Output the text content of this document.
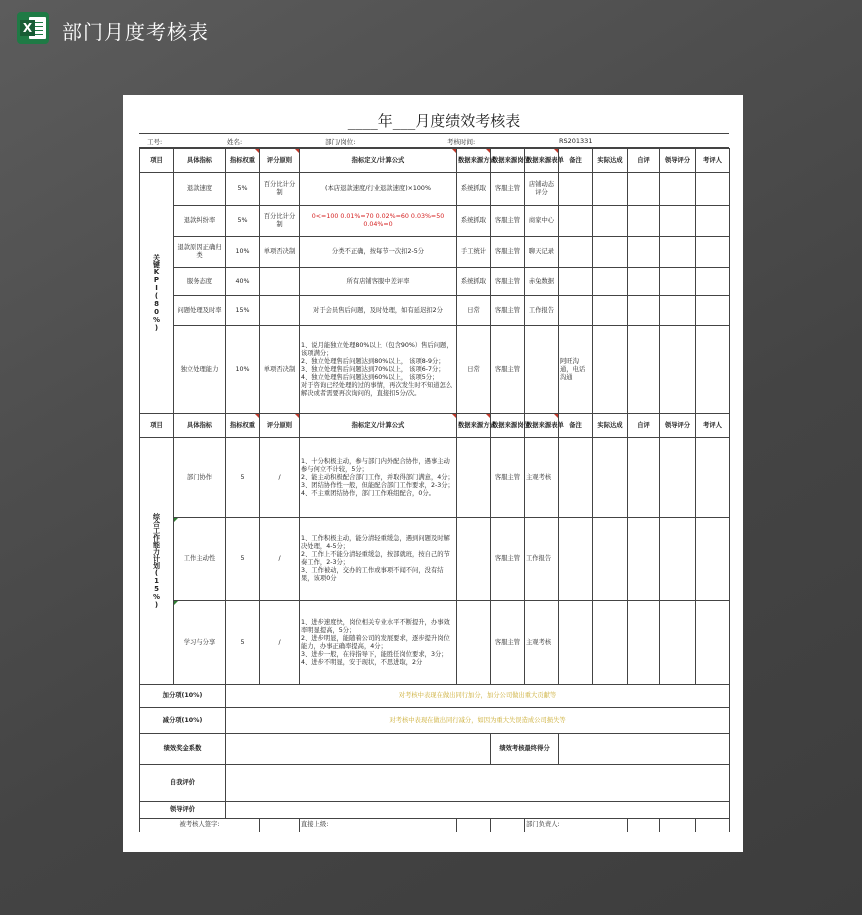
X 部门月度考核表
____年___月度绩效考核表
工号:	姓名:	部门/岗位:	考核时间:	RS201331
项目	具体指标	指标权重	评分原则	指标定义/计算公式	数据来源方式	数据来源岗位	数据来源表单	备注	实际达成	自评	领导评分	考评人

关键KPI(80%)	退款速度	5%	百分比计分制	(本店退款速度/行业退款速度)×100%	系统抓取	客服主管	店铺动态评分					
	退款纠纷率	5%	百分比计分制	0<=100 0.01%=70 0.02%=60 0.03%=50 0.04%=0	系统抓取	客服主管	商家中心					
	退款原因正确归类	10%	单项否决制	分类不正确，按每节一次扣2-5分	手工统计	客服主管	聊天记录					
	服务态度	40%		所有店铺客服中差评率	系统抓取	客服主管	赤兔数据					
	问题处理及时率	15%		对于会员售后问题，及时处理，如有延迟扣2分	日常	客服主管	工作报告					
	独立处理能力	10%	单项否决制	1、说月能独立处理80%以上（包含90%）售后问题，该项满分；
2、独立处理售后问题达到80%以上， 该项8-9分；
3、独立处理售后问题达到70%以上， 该项6-7分；
4、独立处理售后问题达到60%以上， 该项5分；
对于咨询已经处理的过的事情，再次发生时不知道怎么解决或者需要再次询问的，直接扣5分/次。	日常	客服主管		阿旺沟通，电话沟通				
项目	具体指标	指标权重	评分原则	指标定义/计算公式	数据来源方式	数据来源岗位	数据来源表单	备注	实际达成	自评	领导评分	考评人

综合工作能力计划(15%)	部门协作	5	/	1、十分积极主动，参与部门内外配合协作，遇事主动参与何立不计较，5分；
2、能主动积极配合部门工作，并取得部门满意，4分；
3、团结协作性一般，但能配合部门工作要求，2-3分；
4、不主重团结协作，部门工作难组配合，0分。		客服主管	主观考核					
	工作主动性	5	/	1、工作积极主动，能分清轻重缓急，遇到问题及时解决处理，4-5分；
2、工作上不能分清轻重缓急，按部就班，按自己的节奏工作，2-3分；
3、工作被动，交办的工作或事项不闻不问，没有结果，该项0分		客服主管	工作报告					
	学习与分享	5	/	1、进步速度快，岗位相关专业水平不断提升，办事效率明显提高，5分；
2、进步明显，能随着公司的发展要求，逐步提升岗位能力，办事正确率提高，4分；
3、进步一般，在待指导下，能胜任岗位要求，3分；
4、进步不明显，安于现状，不思进取，2分		客服主管	主观考核					
加分项(10%)		对考核中表现在做出同行加分，加分公司做出重大贡献等										
减分项(10%)		对考核中表现在做出同行减分，如因为重大失误造成公司损失等										
绩效奖金系数						绩效考核最终得分						
自我评价												
领导评价												
被考核人签字:				直接上级:			部门负责人:					
